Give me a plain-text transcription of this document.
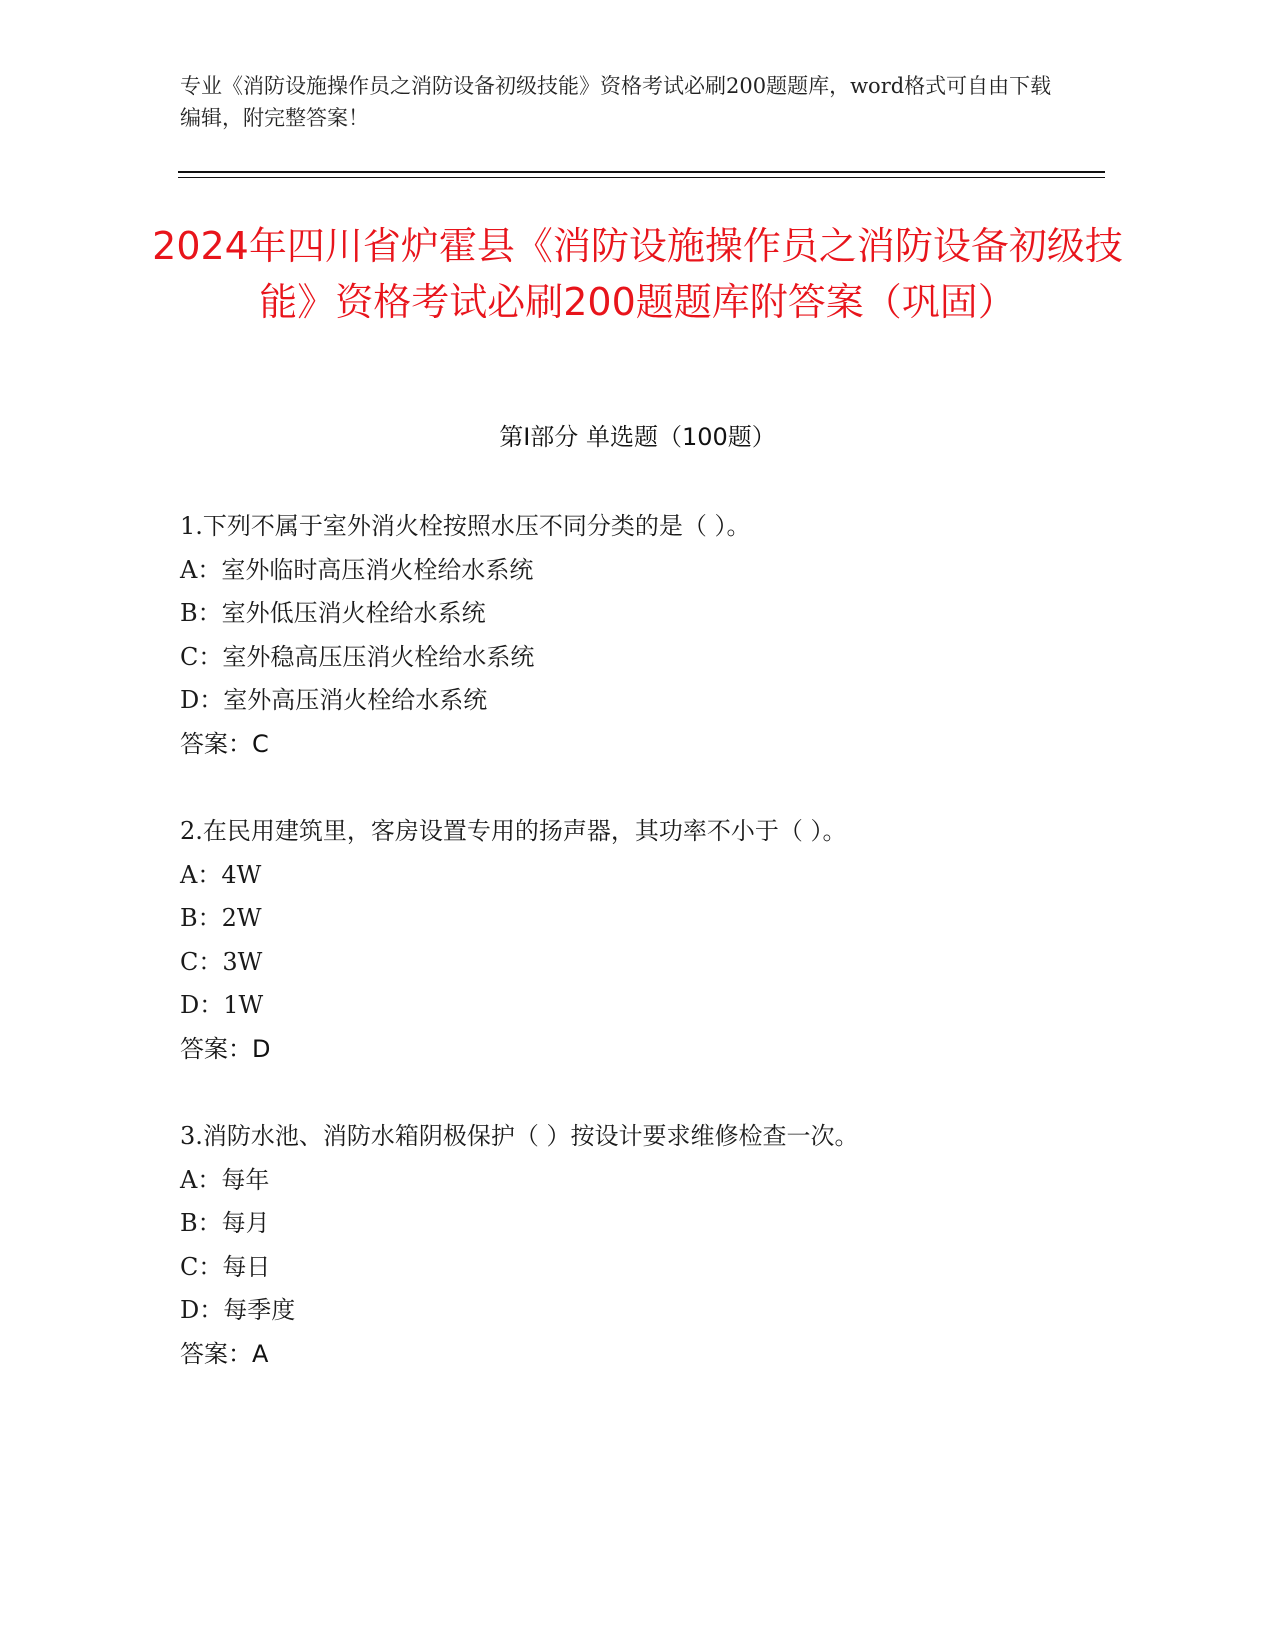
专业《消防设施操作员之消防设备初级技能》资格考试必刷200题题库，word格式可自由下载编辑，附完整答案！
2024年四川省炉霍县《消防设施操作员之消防设备初级技能》资格考试必刷200题题库附答案（巩固）
第I部分 单选题（100题）
1.下列不属于室外消火栓按照水压不同分类的是（ ）。
A：室外临时高压消火栓给水系统
B：室外低压消火栓给水系统
C：室外稳高压压消火栓给水系统
D：室外高压消火栓给水系统
答案：C
2.在民用建筑里，客房设置专用的扬声器，其功率不小于（ ）。
A：4W
B：2W
C：3W
D：1W
答案：D
3.消防水池、消防水箱阴极保护（ ）按设计要求维修检查一次。
A：每年
B：每月
C：每日
D：每季度
答案：A
